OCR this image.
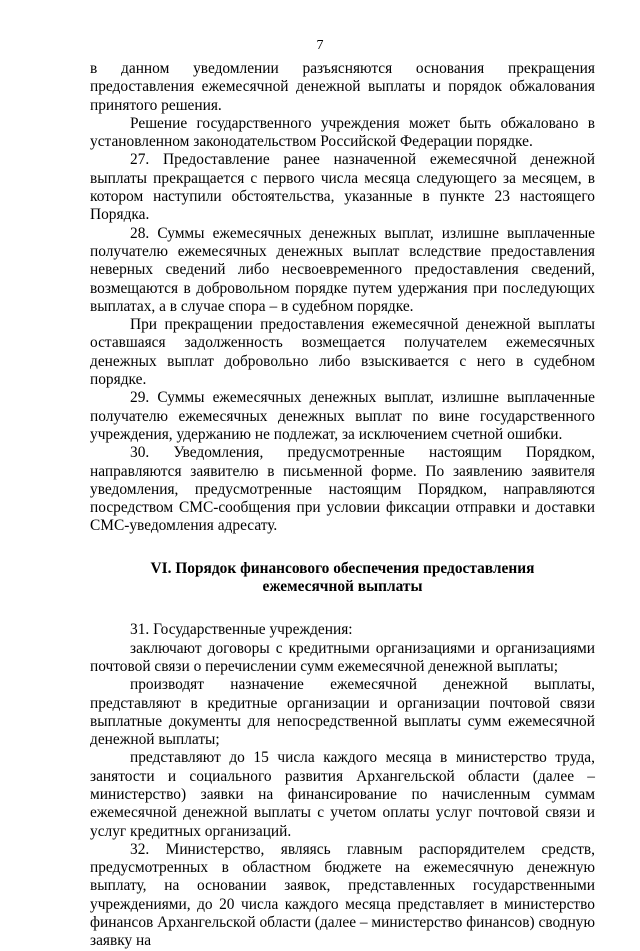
7

в данном уведомлении разъясняются основания прекращения предоставления ежемесячной денежной выплаты и порядок обжалования принятого решения.

Решение государственного учреждения может быть обжаловано в установленном законодательством Российской Федерации порядке.

27. Предоставление ранее назначенной ежемесячной денежной выплаты прекращается с первого числа месяца следующего за месяцем, в котором наступили обстоятельства, указанные в пункте 23 настоящего Порядка.

28. Суммы ежемесячных денежных выплат, излишне выплаченные получателю ежемесячных денежных выплат вследствие предоставления неверных сведений либо несвоевременного предоставления сведений, возмещаются в добровольном порядке путем удержания при последующих выплатах, а в случае спора – в судебном порядке.

При прекращении предоставления ежемесячной денежной выплаты оставшаяся задолженность возмещается получателем ежемесячных денежных выплат добровольно либо взыскивается с него в судебном порядке.

29. Суммы ежемесячных денежных выплат, излишне выплаченные получателю ежемесячных денежных выплат по вине государственного учреждения, удержанию не подлежат, за исключением счетной ошибки.

30. Уведомления, предусмотренные настоящим Порядком, направляются заявителю в письменной форме. По заявлению заявителя уведомления, предусмотренные настоящим Порядком, направляются посредством СМС-сообщения при условии фиксации отправки и доставки СМС-уведомления адресату.

VI. Порядок финансового обеспечения предоставления
ежемесячной выплаты

31. Государственные учреждения:

заключают договоры с кредитными организациями и организациями почтовой связи о перечислении сумм ежемесячной денежной выплаты;

производят назначение ежемесячной денежной выплаты, представляют в кредитные организации и организации почтовой связи выплатные документы для непосредственной выплаты сумм ежемесячной денежной выплаты;

представляют до 15 числа каждого месяца в министерство труда, занятости и социального развития Архангельской области (далее – министерство) заявки на финансирование по начисленным суммам ежемесячной денежной выплаты с учетом оплаты услуг почтовой связи и услуг кредитных организаций.

32. Министерство, являясь главным распорядителем средств, предусмотренных в областном бюджете на ежемесячную денежную выплату, на основании заявок, представленных государственными учреждениями, до 20 числа каждого месяца представляет в министерство финансов Архангельской области (далее – министерство финансов) сводную заявку на
